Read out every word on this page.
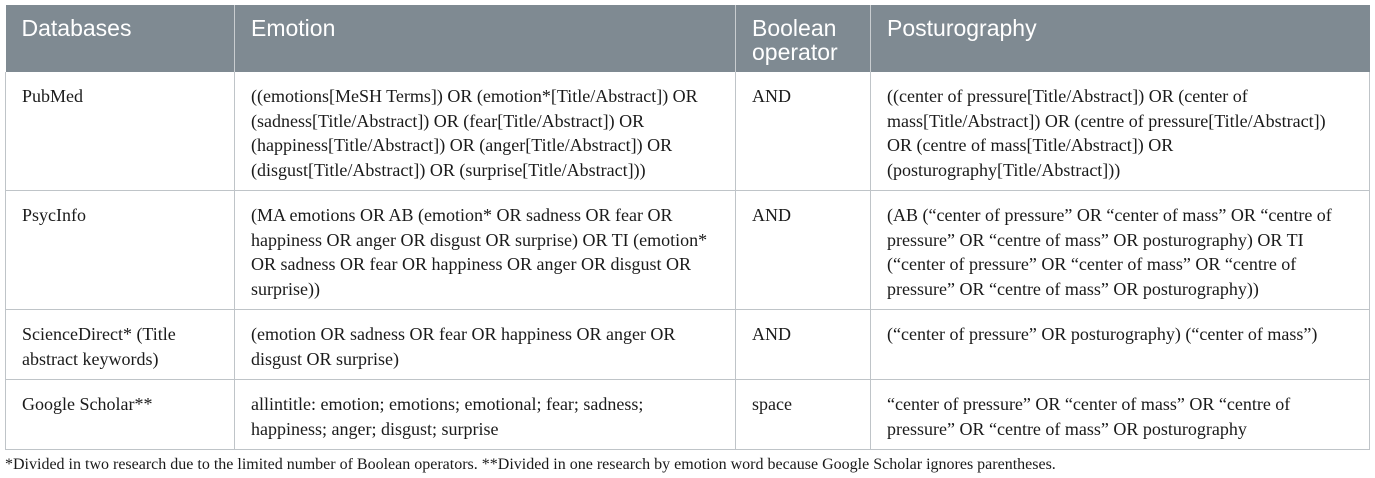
Databases	Emotion	Boolean operator	Posturography
PubMed	((emotions[MeSH Terms]) OR (emotion*[Title/Abstract]) OR (sadness[Title/Abstract]) OR (fear[Title/Abstract]) OR (happiness[Title/Abstract]) OR (anger[Title/Abstract]) OR (disgust[Title/Abstract]) OR (surprise[Title/Abstract]))	AND	((center of pressure[Title/Abstract]) OR (center of mass[Title/Abstract]) OR (centre of pressure[Title/Abstract]) OR (centre of mass[Title/Abstract]) OR (posturography[Title/Abstract]))
PsycInfo	(MA emotions OR AB (emotion* OR sadness OR fear OR happiness OR anger OR disgust OR surprise) OR TI (emotion* OR sadness OR fear OR happiness OR anger OR disgust OR surprise))	AND	(AB (“center of pressure” OR “center of mass” OR “centre of pressure” OR “centre of mass” OR posturography) OR TI (“center of pressure” OR “center of mass” OR “centre of pressure” OR “centre of mass” OR posturography))
ScienceDirect* (Title abstract keywords)	(emotion OR sadness OR fear OR happiness OR anger OR disgust OR surprise)	AND	(“center of pressure” OR posturography) (“center of mass”)
Google Scholar**	allintitle: emotion; emotions; emotional; fear; sadness; happiness; anger; disgust; surprise	space	“center of pressure” OR “center of mass” OR “centre of pressure” OR “centre of mass” OR posturography
*Divided in two research due to the limited number of Boolean operators. **Divided in one research by emotion word because Google Scholar ignores parentheses.
